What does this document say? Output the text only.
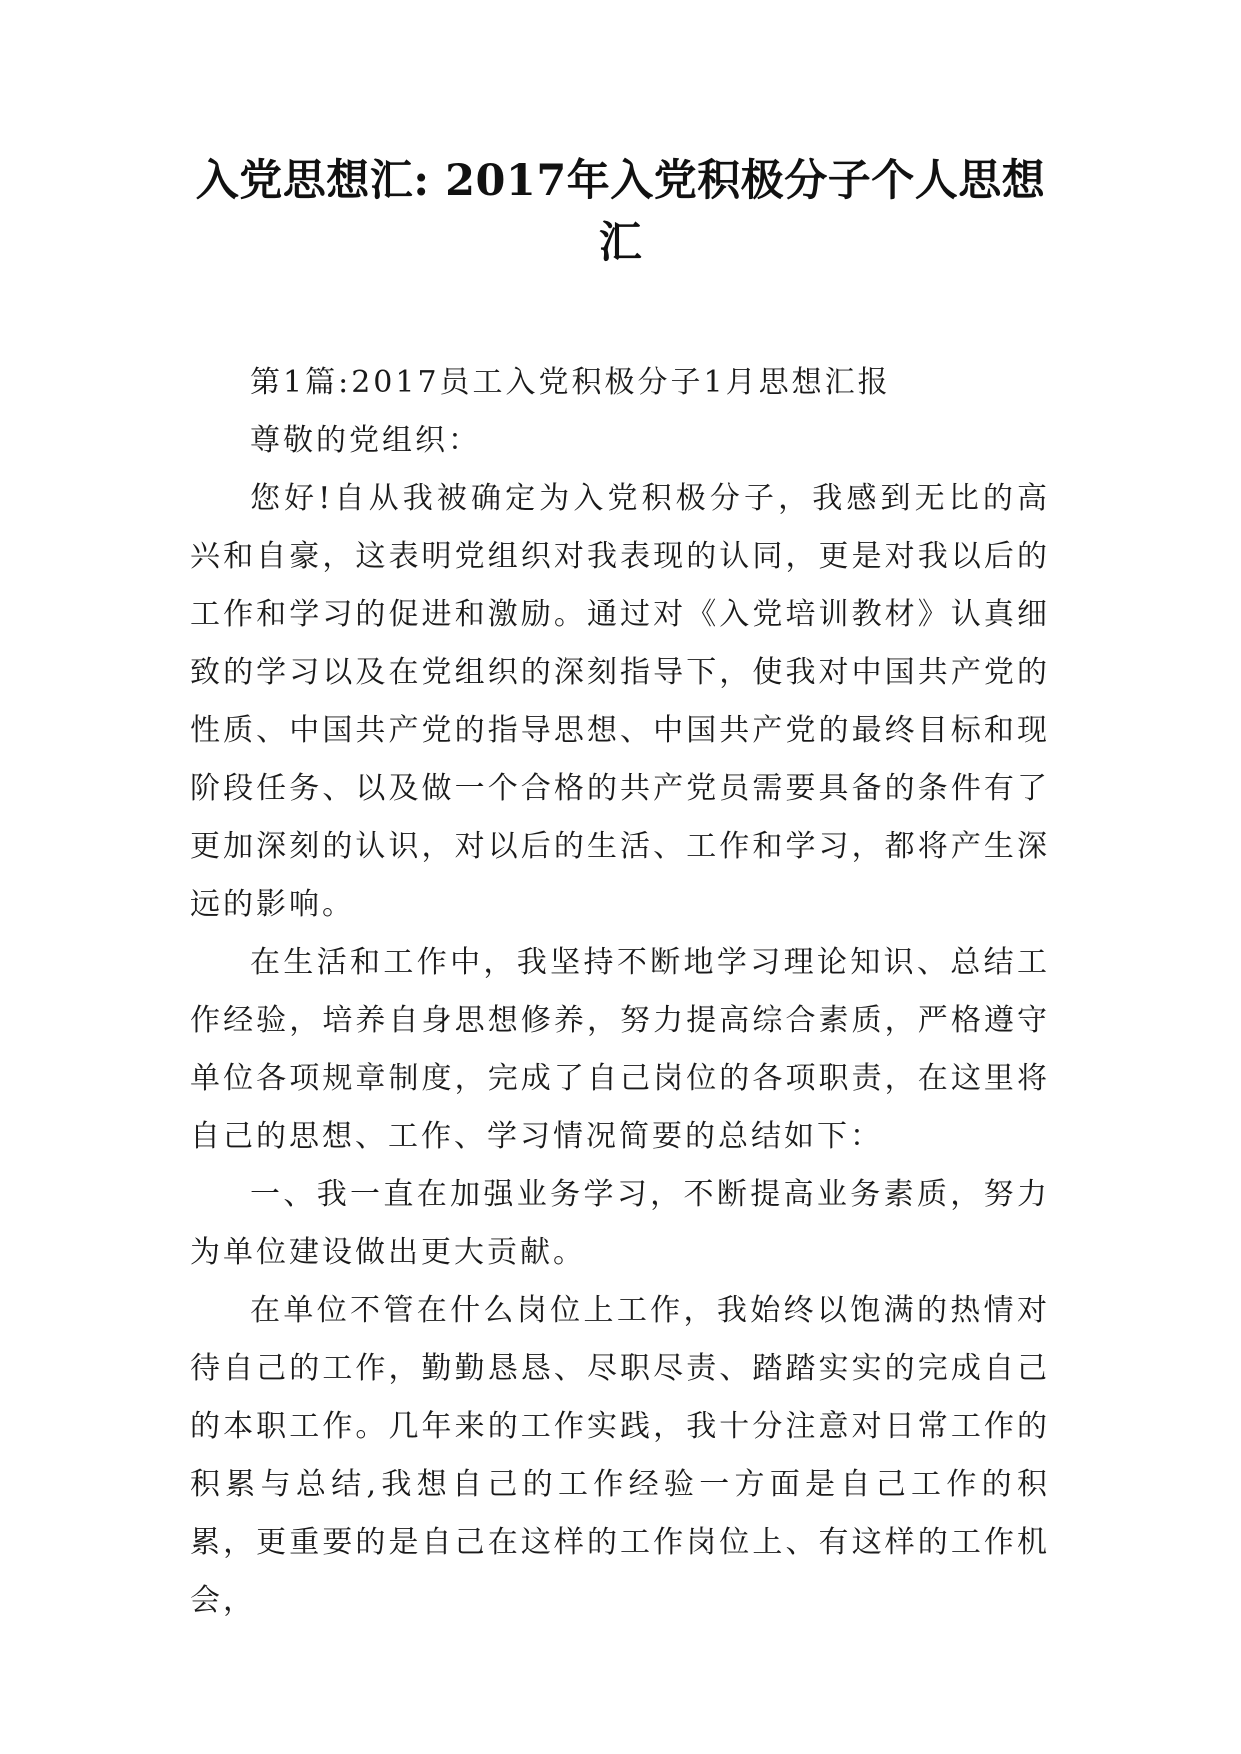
入党思想汇: 2017年入党积极分子个人思想
汇

第1篇:2017员工入党积极分子1月思想汇报

尊敬的党组织：

您好!自从我被确定为入党积极分子，我感到无比的高兴和自豪，这表明党组织对我表现的认同，更是对我以后的工作和学习的促进和激励。通过对《入党培训教材》认真细致的学习以及在党组织的深刻指导下，使我对中国共产党的性质、中国共产党的指导思想、中国共产党的最终目标和现阶段任务、以及做一个合格的共产党员需要具备的条件有了更加深刻的认识，对以后的生活、工作和学习，都将产生深远的影响。

在生活和工作中，我坚持不断地学习理论知识、总结工作经验，培养自身思想修养，努力提高综合素质，严格遵守单位各项规章制度，完成了自己岗位的各项职责，在这里将自己的思想、工作、学习情况简要的总结如下：

一、我一直在加强业务学习，不断提高业务素质，努力为单位建设做出更大贡献。

在单位不管在什么岗位上工作，我始终以饱满的热情对待自己的工作，勤勤恳恳、尽职尽责、踏踏实实的完成自己的本职工作。几年来的工作实践，我十分注意对日常工作的积累与总结,我想自己的工作经验一方面是自己工作的积累，更重要的是自己在这样的工作岗位上、有这样的工作机会，
